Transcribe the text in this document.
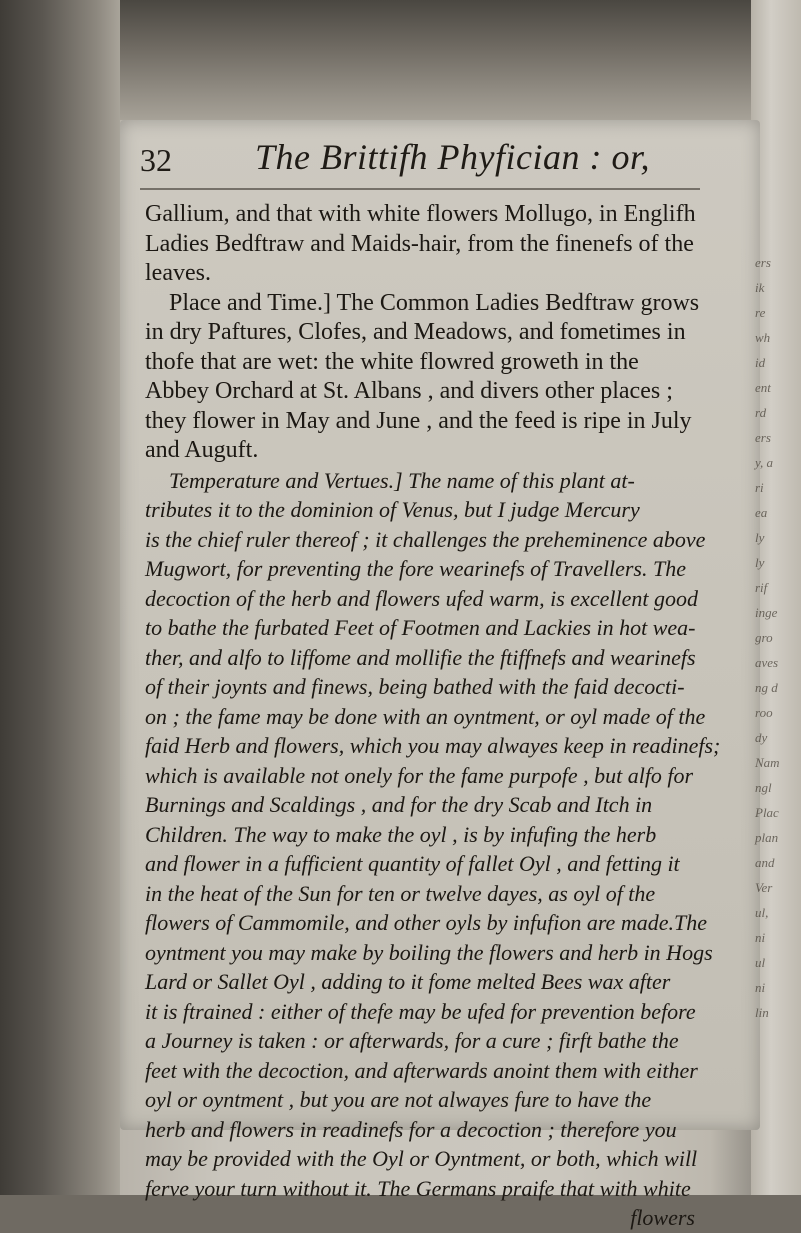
ers
ik
re
wh
id
ent
rd
ers
y, a
ri
ea
ly
ly
rif
inge
gro
aves
ng d
roo
dy
Nam
ngl
Plac
plan
and
Ver
ul,
ni
ul
ni
lin
32 The Brittifh Phyfician : or,
Gallium, and that with white flowers Mollugo, in Englifh
Ladies Bedftraw and Maids-hair, from the finenefs of the
leaves.
Place and Time.] The Common Ladies Bedftraw grows
in dry Paftures, Clofes, and Meadows, and fometimes in
thofe that are wet: the white flowred groweth in the
Abbey Orchard at St. Albans , and divers other places ;
they flower in May and June , and the feed is ripe in July
and Auguft.
Temperature and Vertues.] The name of this plant at-
tributes it to the dominion of Venus, but I judge Mercury
is the chief ruler thereof ; it challenges the preheminence above
Mugwort, for preventing the fore wearinefs of Travellers. The
decoction of the herb and flowers ufed warm, is excellent good
to bathe the furbated Feet of Footmen and Lackies in hot wea-
ther, and alfo to liffome and mollifie the ftiffnefs and wearinefs
of their joynts and finews, being bathed with the faid decocti-
on ; the fame may be done with an oyntment, or oyl made of the
faid Herb and flowers, which you may alwayes keep in readinefs;
which is available not onely for the fame purpofe , but alfo for
Burnings and Scaldings , and for the dry Scab and Itch in
Children. The way to make the oyl , is by infufing the herb
and flower in a fufficient quantity of fallet Oyl , and fetting it
in the heat of the Sun for ten or twelve dayes, as oyl of the
flowers of Cammomile, and other oyls by infufion are made.The
oyntment you may make by boiling the flowers and herb in Hogs
Lard or Sallet Oyl , adding to it fome melted Bees wax after
it is ftrained : either of thefe may be ufed for prevention before
a Journey is taken : or afterwards, for a cure ; firft bathe the
feet with the decoction, and afterwards anoint them with either
oyl or oyntment , but you are not alwayes fure to have the
herb and flowers in readinefs for a decoction ; therefore you
may be provided with the Oyl or Oyntment, or both, which will
ferve your turn without it. The Germans praife that with white
flowers
